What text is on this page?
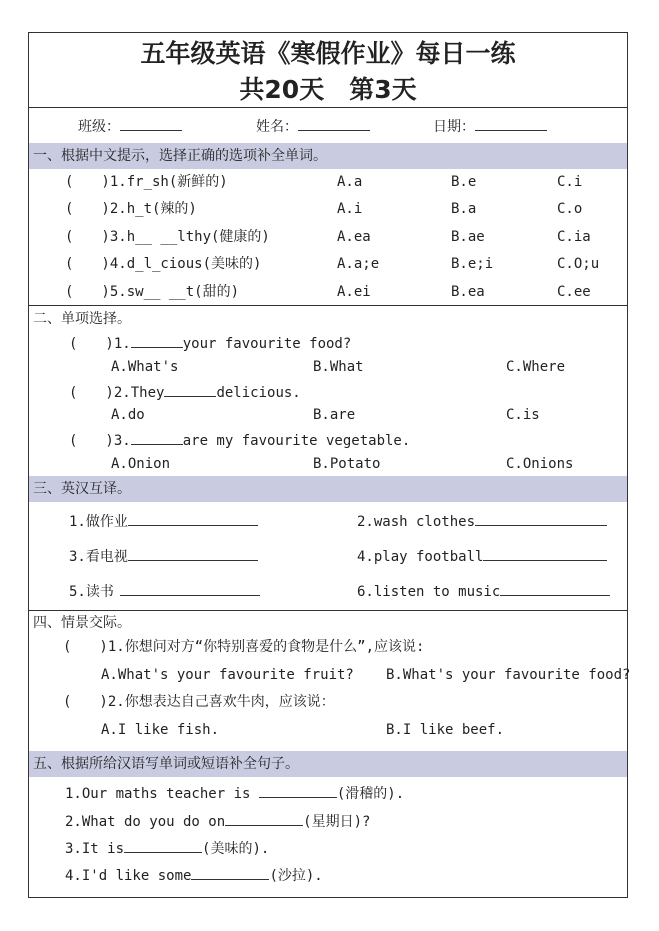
五年级英语《寒假作业》每日一练
共20天　第3天
班级：	姓名：	日期：
一、根据中文提示，选择正确的选项补全单词。
(　　)1.fr_sh(新鲜的)	A.a	B.e	C.i
(　　)2.h_t(辣的)	A.i	B.a	C.o
(　　)3.h__ __lthy(健康的)	A.ea	B.ae	C.ia
(　　)4.d_l_cious(美味的)	A.a;e	B.e;i	C.O;u
(　　)5.sw__ __t(甜的)	A.ei	B.ea	C.ee
二、单项选择。
(　　)1.	your favourite food?
A.What's	B.What	C.Where
(　　)2.They	delicious.
A.do	B.are	C.is
(　　)3.	are my favourite vegetable.
A.Onion	B.Potato	C.Onions
三、英汉互译。
1.做作业	2.wash clothes
3.看电视	4.play football
5.读书	6.listen to music
四、情景交际。
(　　)1.你想问对方“你特别喜爱的食物是什么”,应该说:
A.What's your favourite fruit? B.What's your favourite food?
(　　)2.你想表达自己喜欢牛肉，应该说：
A.I like fish.	B.I like beef.
五、根据所给汉语写单词或短语补全句子。
1.Our maths teacher is	(滑稽的).
2.What do you do on	(星期日)?
3.It is	(美味的).
4.I'd like some	(沙拉).
